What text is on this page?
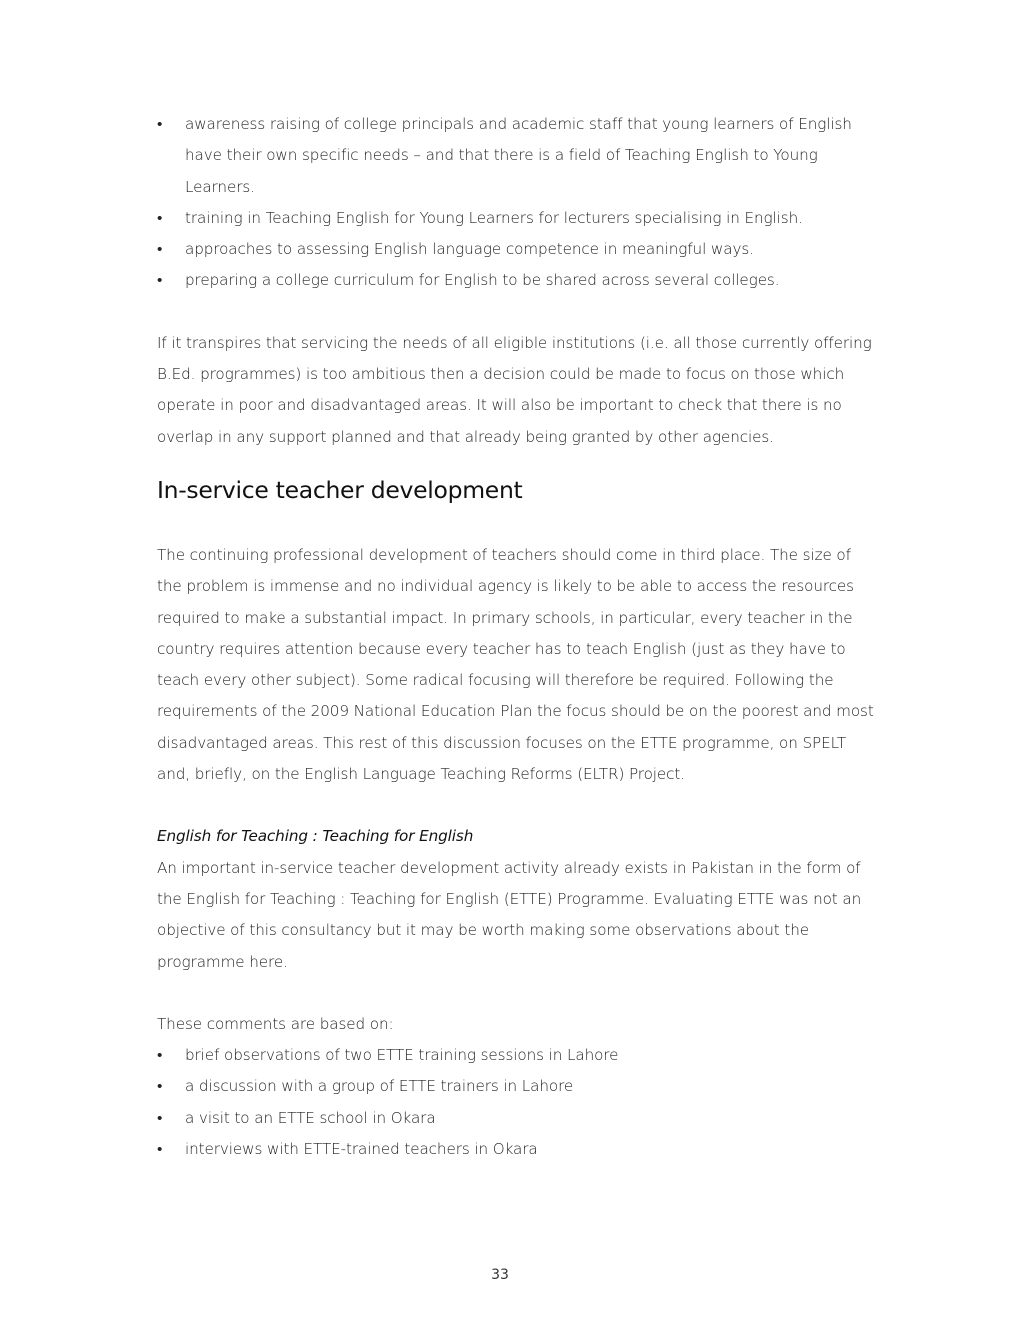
• awareness raising of college principals and academic staff that young learners of English have their own specific needs – and that there is a field of Teaching English to Young Learners.
• training in Teaching English for Young Learners for lecturers specialising in English.
• approaches to assessing English language competence in meaningful ways.
• preparing a college curriculum for English to be shared across several colleges.

If it transpires that servicing the needs of all eligible institutions (i.e. all those currently offering B.Ed. programmes) is too ambitious then a decision could be made to focus on those which operate in poor and disadvantaged areas. It will also be important to check that there is no overlap in any support planned and that already being granted by other agencies.

In-service teacher development

The continuing professional development of teachers should come in third place. The size of the problem is immense and no individual agency is likely to be able to access the resources required to make a substantial impact. In primary schools, in particular, every teacher in the country requires attention because every teacher has to teach English (just as they have to teach every other subject). Some radical focusing will therefore be required. Following the requirements of the 2009 National Education Plan the focus should be on the poorest and most disadvantaged areas. This rest of this discussion focuses on the ETTE programme, on SPELT and, briefly, on the English Language Teaching Reforms (ELTR) Project.

English for Teaching : Teaching for English

An important in-service teacher development activity already exists in Pakistan in the form of the English for Teaching : Teaching for English (ETTE) Programme. Evaluating ETTE was not an objective of this consultancy but it may be worth making some observations about the programme here.

These comments are based on:

• brief observations of two ETTE training sessions in Lahore
• a discussion with a group of ETTE trainers in Lahore
• a visit to an ETTE school in Okara
• interviews with ETTE-trained teachers in Okara
33
